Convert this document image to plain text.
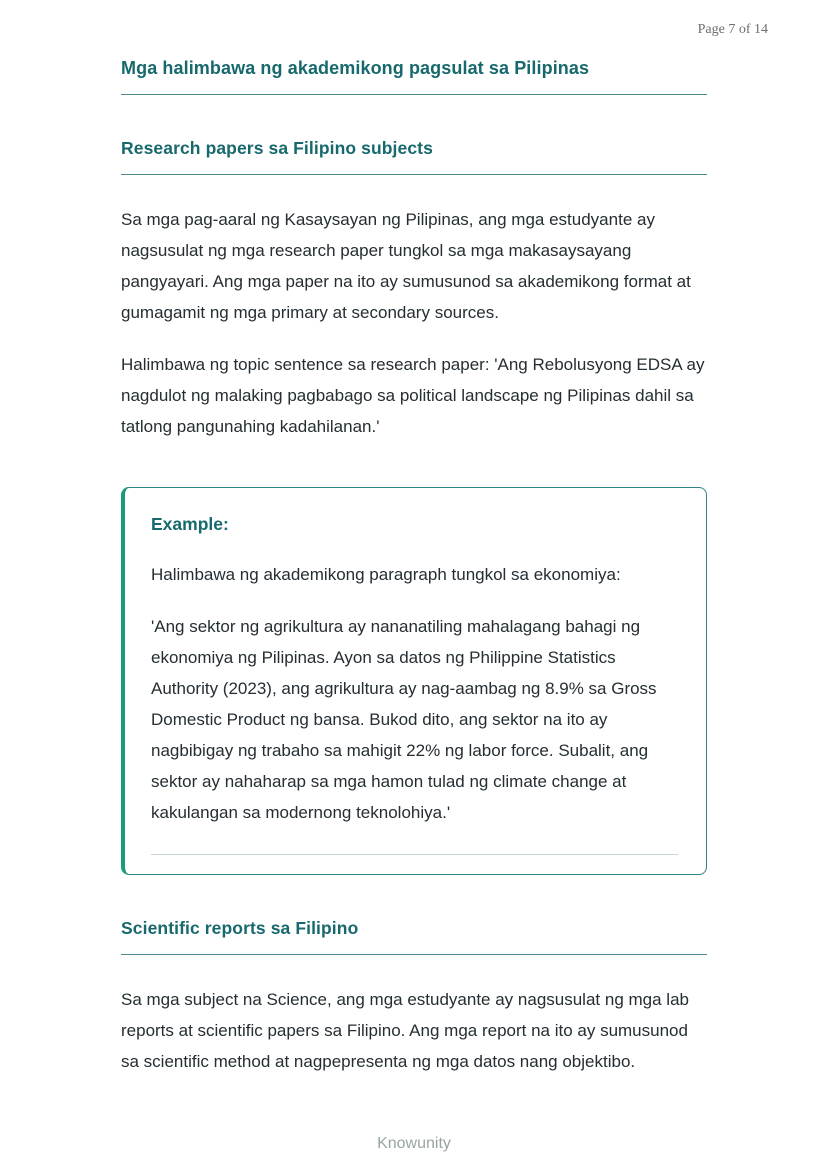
Page 7 of 14
Mga halimbawa ng akademikong pagsulat sa Pilipinas
Research papers sa Filipino subjects

Sa mga pag-aaral ng Kasaysayan ng Pilipinas, ang mga estudyante ay nagsusulat ng mga research paper tungkol sa mga makasaysayang pangyayari. Ang mga paper na ito ay sumusunod sa akademikong format at gumagamit ng mga primary at secondary sources.

Halimbawa ng topic sentence sa research paper: 'Ang Rebolusyong EDSA ay nagdulot ng malaking pagbabago sa political landscape ng Pilipinas dahil sa tatlong pangunahing kadahilanan.'

Example:

Halimbawa ng akademikong paragraph tungkol sa ekonomiya:

'Ang sektor ng agrikultura ay nananatiling mahalagang bahagi ng ekonomiya ng Pilipinas. Ayon sa datos ng Philippine Statistics Authority (2023), ang agrikultura ay nag-aambag ng 8.9% sa Gross Domestic Product ng bansa. Bukod dito, ang sektor na ito ay nagbibigay ng trabaho sa mahigit 22% ng labor force. Subalit, ang sektor ay nahaharap sa mga hamon tulad ng climate change at kakulangan sa modernong teknolohiya.'

Scientific reports sa Filipino

Sa mga subject na Science, ang mga estudyante ay nagsusulat ng mga lab reports at scientific papers sa Filipino. Ang mga report na ito ay sumusunod sa scientific method at nagpepresenta ng mga datos nang objektibo.

Knowunity
